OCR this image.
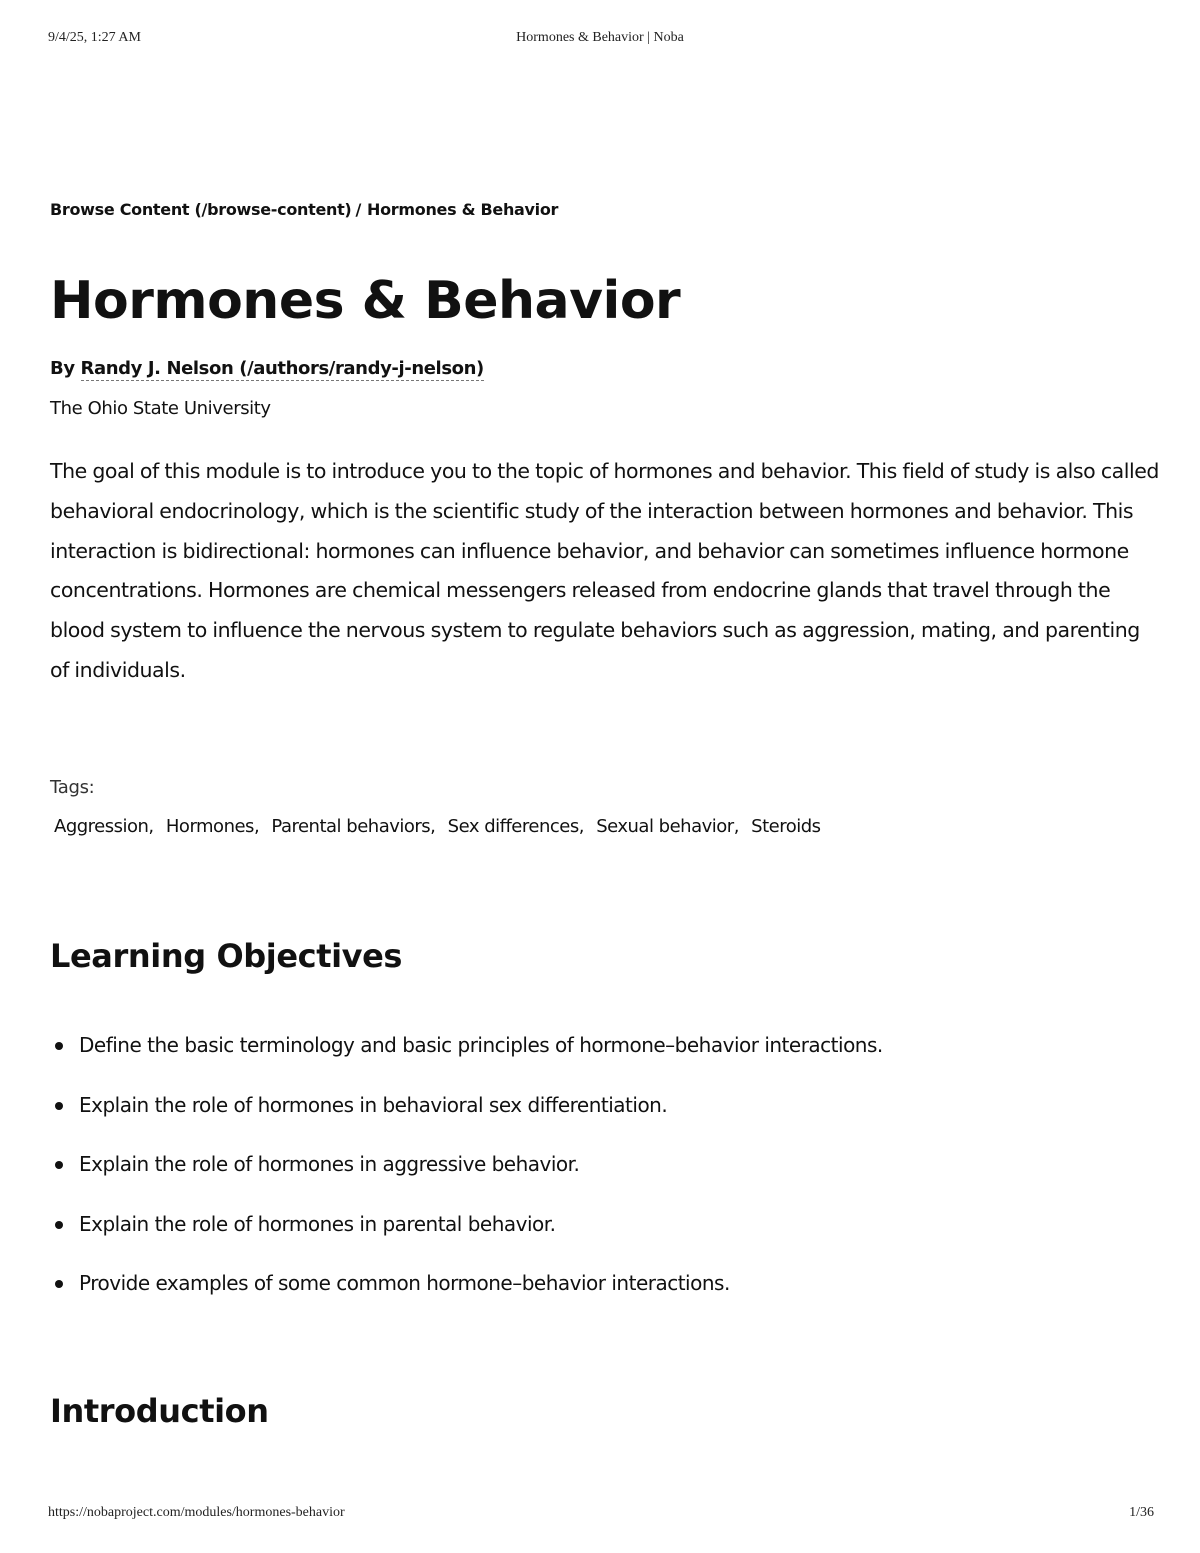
9/4/25, 1:27 AM	Hormones & Behavior | Noba
Browse Content (/browse-content) / Hormones & Behavior
Hormones & Behavior
By Randy J. Nelson (/authors/randy-j-nelson)
The Ohio State University

The goal of this module is to introduce you to the topic of hormones and behavior. This field of study is also called behavioral endocrinology, which is the scientific study of the interaction between hormones and behavior. This interaction is bidirectional: hormones can influence behavior, and behavior can sometimes influence hormone concentrations. Hormones are chemical messengers released from endocrine glands that travel through the blood system to influence the nervous system to regulate behaviors such as aggression, mating, and parenting of individuals.

Tags:
Aggression, Hormones, Parental behaviors, Sex differences, Sexual behavior, Steroids
Learning Objectives
Define the basic terminology and basic principles of hormone–behavior interactions.
Explain the role of hormones in behavioral sex differentiation.
Explain the role of hormones in aggressive behavior.
Explain the role of hormones in parental behavior.
Provide examples of some common hormone–behavior interactions.
Introduction
https://nobaproject.com/modules/hormones-behavior	1/36
